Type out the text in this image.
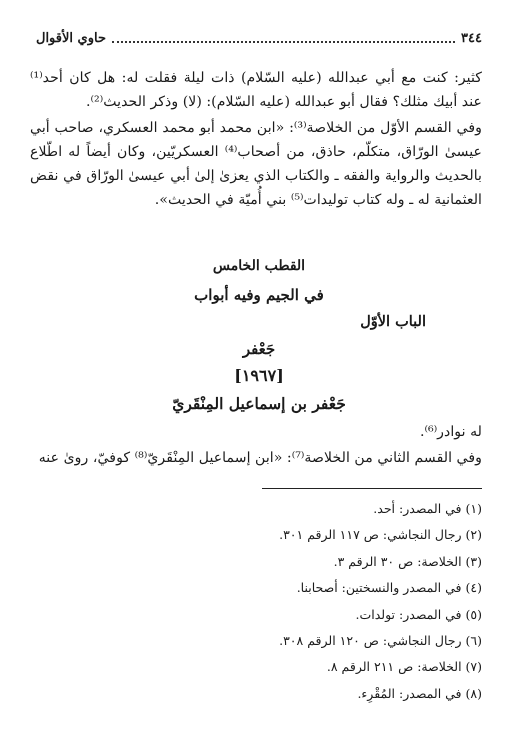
٣٤٤
حاوي الأقوال

كثير: كنت مع أبي عبدالله (عليه السّلام) ذات ليلة فقلت له: هل كان أحد⁽¹⁾ عند أبيك مثلك؟ فقال أبو عبدالله (عليه السّلام): (لا) وذكر الحديث⁽²⁾.

وفي القسم الأوّل من الخلاصة⁽³⁾: «ابن محمد أبو محمد العسكري، صاحب أبي عيسىٰ الورّاق، متكلّم، حاذق، من أصحاب⁽⁴⁾ العسكريّين، وكان أيضاً له اطّلاع بالحديث والرواية والفقه ـ والكتاب الذي يعزىٰ إلىٰ أبي عيسىٰ الورّاق في نقض العثمانية له ـ وله كتاب توليدات⁽⁵⁾ بني أُميّة في الحديث».

القطب الخامس

في الجيم وفيه أبواب

الباب الأوّل

جَعْفر

[١٩٦٧]

جَعْفر بن إسماعيل المِنْقَريّ

له نوادر⁽⁶⁾.

وفي القسم الثاني من الخلاصة⁽⁷⁾: «ابن إسماعيل المِنْقَريّ⁽⁸⁾ كوفيّ، روىٰ عنه

(١) في المصدر: أحد.
(٢) رجال النجاشي: ص ١١٧ الرقم ٣٠١.
(٣) الخلاصة: ص ٣٠ الرقم ٣.
(٤) في المصدر والنسختين: أصحابنا.
(٥) في المصدر: تولدات.
(٦) رجال النجاشي: ص ١٢٠ الرقم ٣٠٨.
(٧) الخلاصة: ص ٢١١ الرقم ٨.
(٨) في المصدر: المُقْرِء.
